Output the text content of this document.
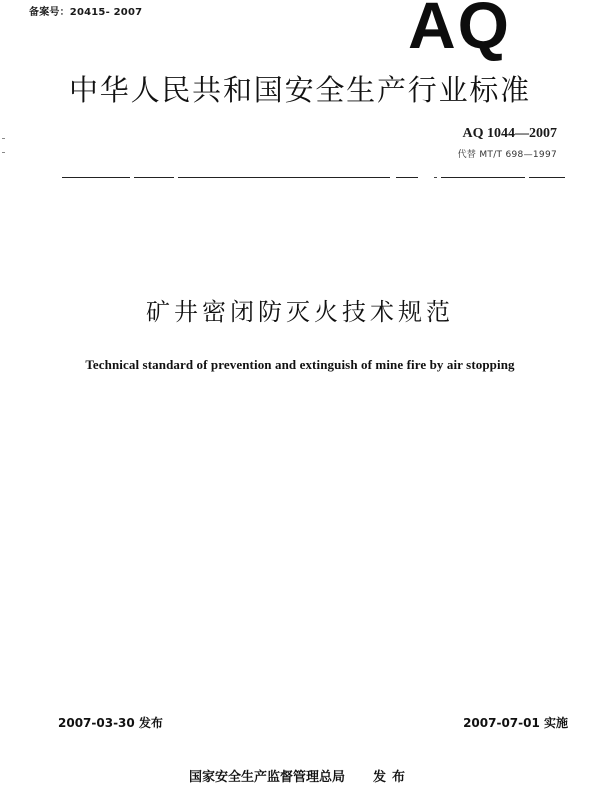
备案号：20415- 2007	AQ
中华人民共和国安全生产行业标准
AQ 1044—2007
代替 MT/T 698—1997
矿井密闭防灭火技术规范
Technical standard of prevention and extinguish of mine fire by air stopping
2007-03-30 发布	2007-07-01 实施
国家安全生产监督管理总局 发布
